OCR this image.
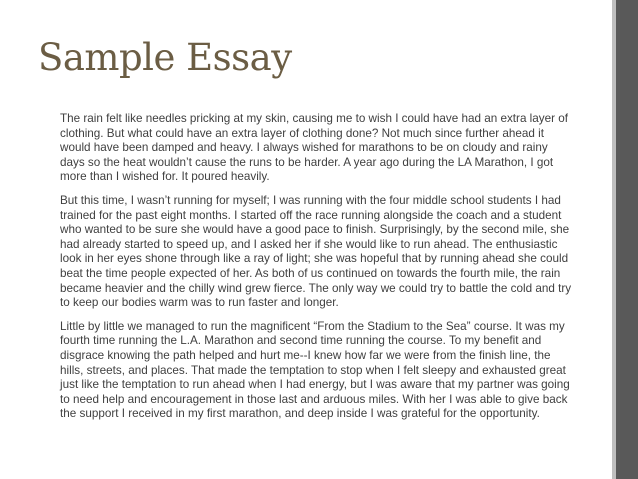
Sample Essay

The rain felt like needles pricking at my skin, causing me to wish I could have had an extra layer of clothing. But what could have an extra layer of clothing done? Not much since further ahead it would have been damped and heavy. I always wished for marathons to be on cloudy and rainy days so the heat wouldn’t cause the runs to be harder. A year ago during the LA Marathon, I got more than I wished for. It poured heavily.

But this time, I wasn’t running for myself; I was running with the four middle school students I had trained for the past eight months. I started off the race running alongside the coach and a student who wanted to be sure she would have a good pace to finish. Surprisingly, by the second mile, she had already started to speed up, and I asked her if she would like to run ahead. The enthusiastic look in her eyes shone through like a ray of light; she was hopeful that by running ahead she could beat the time people expected of her. As both of us continued on towards the fourth mile, the rain became heavier and the chilly wind grew fierce. The only way we could try to battle the cold and try to keep our bodies warm was to run faster and longer.

Little by little we managed to run the magnificent “From the Stadium to the Sea” course. It was my fourth time running the L.A. Marathon and second time running the course. To my benefit and disgrace knowing the path helped and hurt me--I knew how far we were from the finish line, the hills, streets, and places. That made the temptation to stop when I felt sleepy and exhausted great just like the temptation to run ahead when I had energy, but I was aware that my partner was going to need help and encouragement in those last and arduous miles. With her I was able to give back the support I received in my first marathon, and deep inside I was grateful for the opportunity.
